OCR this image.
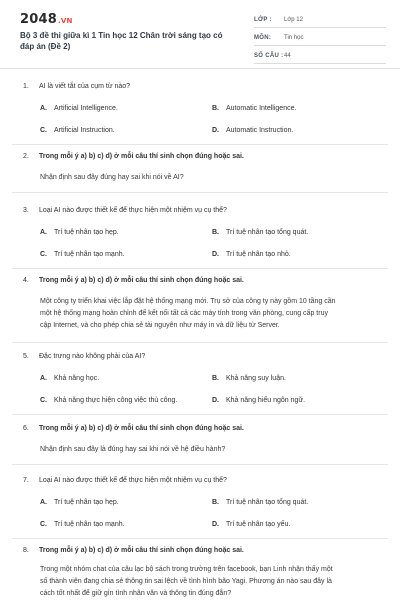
2048.VN
Bộ 3 đề thi giữa kì 1 Tin học 12 Chân trời sáng tạo có đáp án (Đề 2)
LỚP :	Lớp 12
MÔN:	Tin học
SỐ CÂU : 44
1. AI là viết tắt của cụm từ nào?
A. Artificial Intelligence.	B. Automatic Intelligence.
C. Artificial Instruction.	D. Automatic Instruction.
2. Trong mỗi ý a) b) c) d) ở mỗi câu thí sinh chọn đúng hoặc sai.
Nhận định sau đây đúng hay sai khi nói về AI?
3. Loại AI nào được thiết kế để thực hiện một nhiệm vụ cụ thể?
A. Trí tuệ nhân tạo hẹp.	B. Trí tuệ nhân tạo tổng quát.
C. Trí tuệ nhân tạo mạnh.	D. Trí tuệ nhân tạo nhỏ.
4. Trong mỗi ý a) b) c) d) ở mỗi câu thí sinh chọn đúng hoặc sai.
Một công ty triển khai việc lắp đặt hệ thống mạng mới. Trụ sở của công ty này gồm 10 tầng cần
một hệ thống mạng hoàn chỉnh để kết nối tất cả các máy tính trong văn phòng, cung cấp truy
cập Internet, và cho phép chia sẻ tài nguyên như máy in và dữ liệu từ Server.
5. Đặc trưng nào không phải của AI?
A. Khả năng học.	B. Khả năng suy luận.
C. Khả năng thực hiện công việc thủ công.	D. Khả năng hiểu ngôn ngữ.
6. Trong mỗi ý a) b) c) d) ở mỗi câu thí sinh chọn đúng hoặc sai.
Nhận định sau đây là đúng hay sai khi nói về hệ điều hành?
7. Loại AI nào được thiết kế để thực hiện một nhiệm vụ cụ thể?
A. Trí tuệ nhân tạo hẹp.	B. Trí tuệ nhân tạo tổng quát.
C. Trí tuệ nhân tạo mạnh.	D. Trí tuệ nhân tạo yếu.
8. Trong mỗi ý a) b) c) d) ở mỗi câu thí sinh chọn đúng hoặc sai.
Trong một nhóm chat của câu lạc bộ sách trong trường trên facebook, bạn Linh nhận thấy một
số thành viên đang chia sẻ thông tin sai lệch về tình hình bão Yagi. Phương án nào sau đây là
cách tốt nhất để giữ gìn tình nhân văn và thông tin đúng đắn?
